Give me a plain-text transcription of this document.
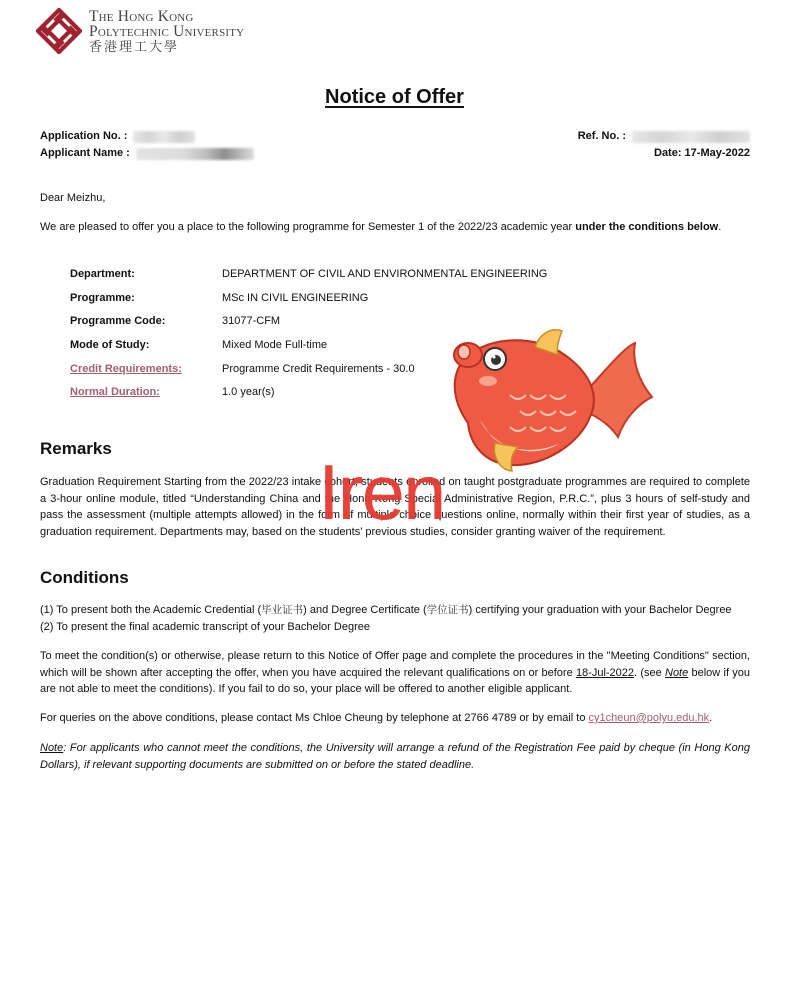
The Hong Kong
Polytechnic University
香港理工大學
Notice of Offer
Application No. :
Applicant Name :
Ref. No. :
Date: 17-May-2022
Dear Meizhu,
We are pleased to offer you a place to the following programme for Semester 1 of the 2022/23 academic year under the conditions below.
Department:	DEPARTMENT OF CIVIL AND ENVIRONMENTAL ENGINEERING
Programme:	MSc IN CIVIL ENGINEERING
Programme Code:	31077-CFM
Mode of Study:	Mixed Mode Full-time
Credit Requirements:	Programme Credit Requirements - 30.0
Normal Duration:	1.0 year(s)
Remarks
Graduation Requirement Starting from the 2022/23 intake cohort, students enrolled on taught postgraduate programmes are required to complete a 3-hour online module, titled “Understanding China and the Hong Kong Special Administrative Region, P.R.C.”, plus 3 hours of self-study and pass the assessment (multiple attempts allowed) in the form of multiple choice questions online, normally within their first year of studies, as a graduation requirement. Departments may, based on the students' previous studies, consider granting waiver of the requirement.
Conditions
(1) To present both the Academic Credential (毕业证书) and Degree Certificate (学位证书) certifying your graduation with your Bachelor Degree
(2) To present the final academic transcript of your Bachelor Degree
To meet the condition(s) or otherwise, please return to this Notice of Offer page and complete the procedures in the "Meeting Conditions" section, which will be shown after accepting the offer, when you have acquired the relevant qualifications on or before 18-Jul-2022. (see Note below if you are not able to meet the conditions). If you fail to do so, your place will be offered to another eligible applicant.
For queries on the above conditions, please contact Ms Chloe Cheung by telephone at 2766 4789 or by email to cy1cheun@polyu.edu.hk.
Note: For applicants who cannot meet the conditions, the University will arrange a refund of the Registration Fee paid by cheque (in Hong Kong Dollars), if relevant supporting documents are submitted on or before the stated deadline.
Iren
